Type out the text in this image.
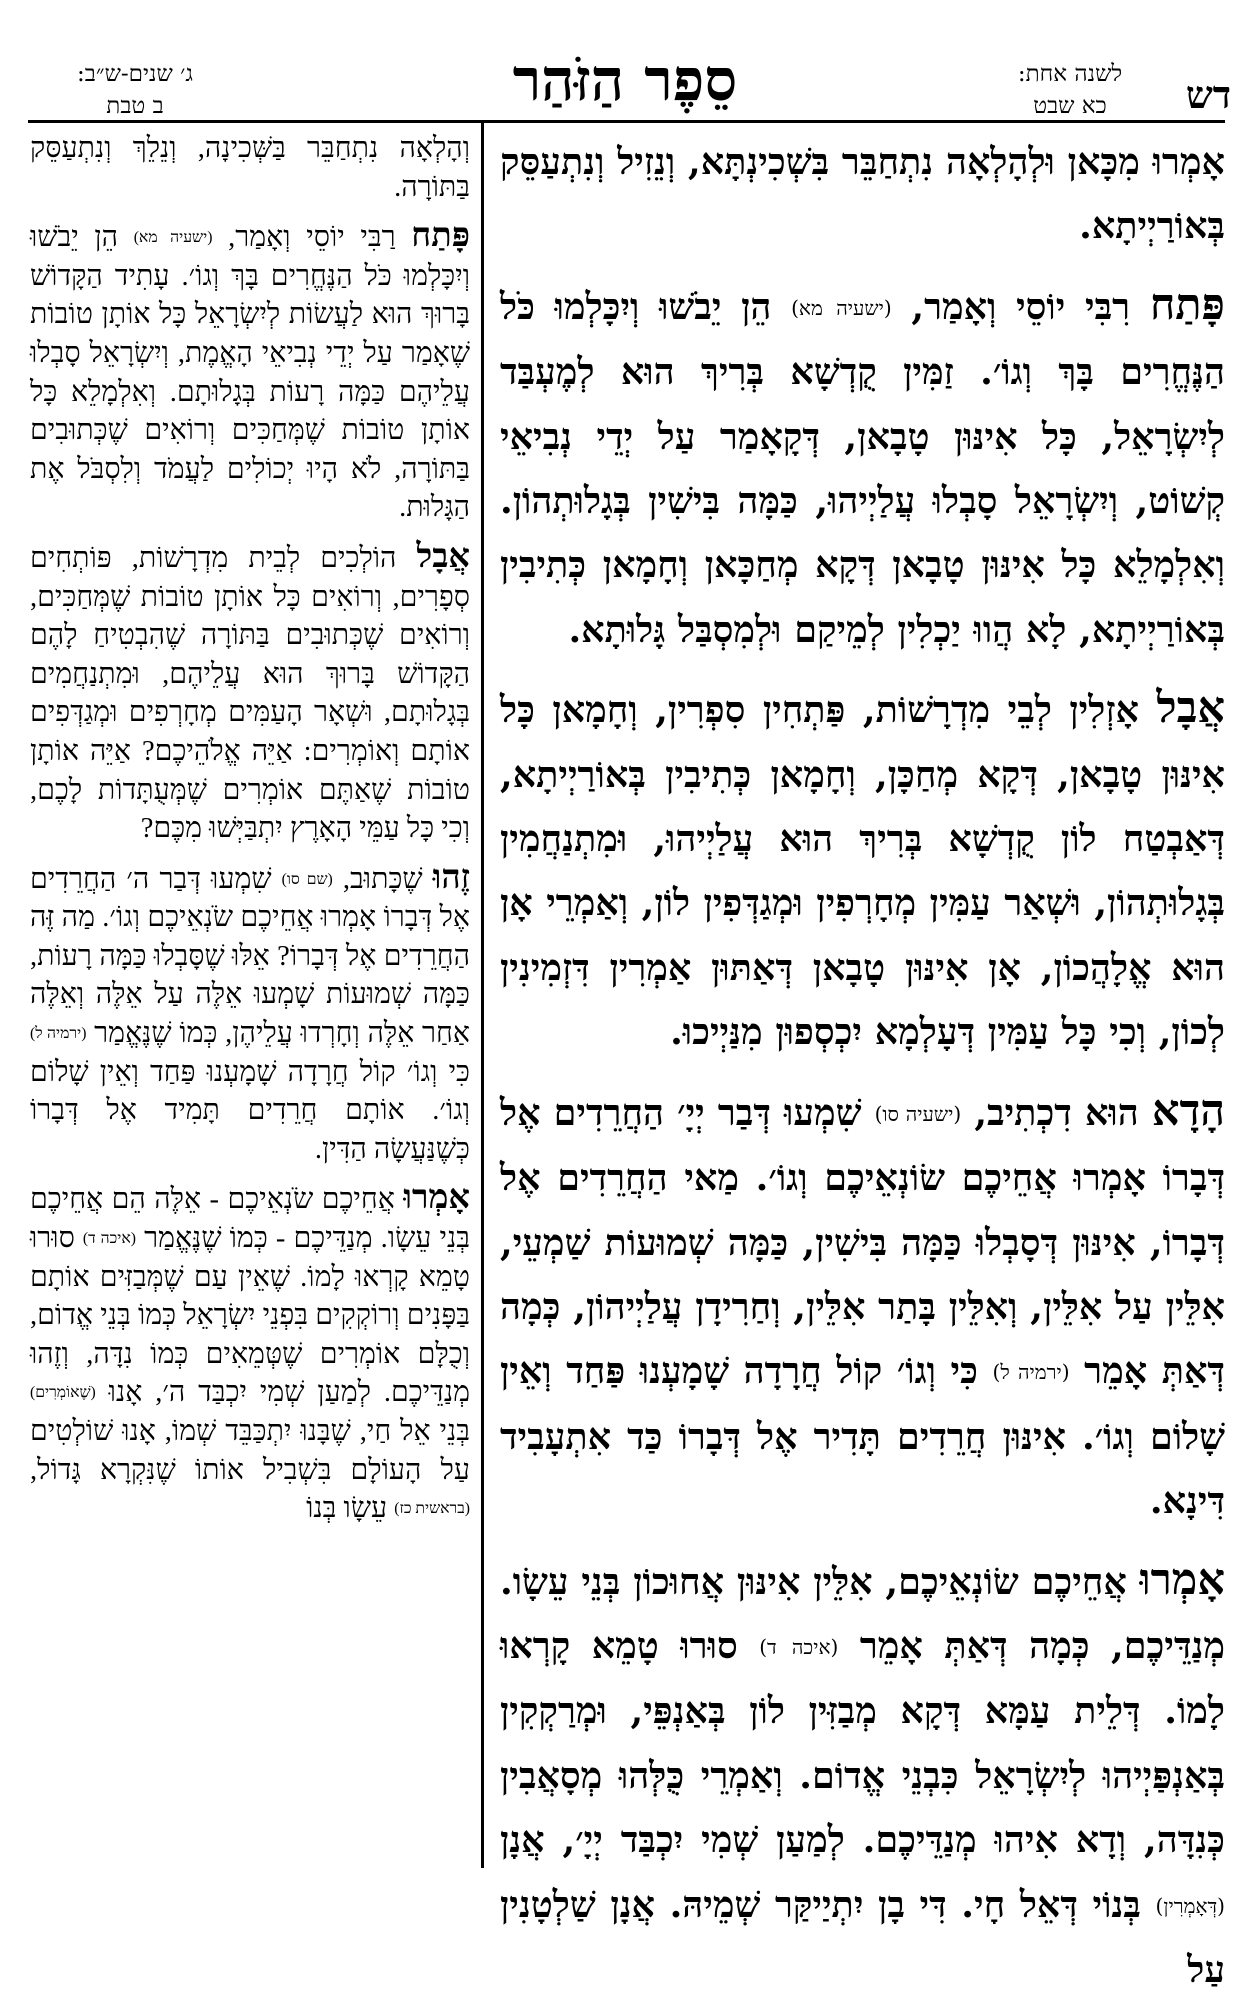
דש
לשנה אחת:
כא שבט
סֵפֶר הַזֹּהַר
ג׳ שנים-ש״ב:
ב טבת

אָמְרוּ מִכָּאן וּלְהָלְאָה נִתְחַבֵּר בִּשְׁכִינְתָּא, וְנֵזִיל וְנִתְעַסֵּק בְּאוֹרַיְיתָא.

פָּתַח רִבִּי יוֹסֵי וְאָמַר, (ישעיה מא) הֵן יֵבֹשׁוּ וְיִכָּלְמוּ כֹּל הַנֶּחֱרִים בָּךְ וְגוֹ׳. זַמִּין קֻדְשָׁא בְּרִיךְ הוּא לְמֶעְבַּד לְיִשְׂרָאֵל, כָּל אִינּוּן טָבָאן, דְּקָאָמַר עַל יְדֵי נְבִיאֵי קְשׁוֹט, וְיִשְׂרָאֵל סָבְלוּ עֲלַיְיהוּ, כַּמָּה בִּישִׁין בְּגָלוּתְהוֹן. וְאִלְמָלֵא כָּל אִינּוּן טָבָאן דְּקָא מְחַכָּאן וְחָמָאן כְּתִיבִין בְּאוֹרַיְיתָא, לָא הֲווּ יַכְלִין לְמֵיקַם וּלְמִסְבַּל גָּלוּתָא.

אֲבָל אָזְלִין לְבֵי מִדְרָשׁוֹת, פַּתְחִין סִפְרִין, וְחָמָאן כָּל אִינּוּן טָבָאן, דְּקָא מְחַכָּן, וְחָמָאן כְּתִיבִין בְּאוֹרַיְיתָא, דְּאַבְטַח לוֹן קֻדְשָׁא בְּרִיךְ הוּא עֲלַיְיהוּ, וּמִתְנַחֲמִין בְּגָלוּתְהוֹן, וּשְׁאַר עַמִּין מְחָרְפִין וּמְגַדְּפִין לוֹן, וְאַמְרֵי אָן הוּא אֱלָהֲכוֹן, אָן אִינּוּן טָבָאן דְּאַתּוּן אַמְרִין דִּזְמִינִין לְכוֹן, וְכִי כָּל עַמִּין דְּעָלְמָא יִכְסְפוּן מִנַּיְיכוּ.

הָדָא הוּא דִכְתִיב, (ישעיה סו) שִׁמְעוּ דְּבַר יְיָ׳ הַחֲרֵדִים אֶל דְּבָרוֹ אָמְרוּ אֲחֵיכֶם שׂוֹנְאֵיכֶם וְגוֹ׳. מַאי הַחֲרֵדִים אֶל דְּבָרוֹ, אִינּוּן דְּסָבְלוּ כַּמָּה בִּישִׁין, כַּמָּה שְׁמוּעוֹת שַׁמְעֵי, אִלֵּין עַל אִלֵּין, וְאִלֵּין בָּתַר אִלֵּין, וְחַרִידָן עֲלַיְיהוֹן, כְּמָה דְּאַתְּ אָמֵר (ירמיה ל) כִּי וְגוֹ׳ קוֹל חֲרָדָה שָׁמָעְנוּ פַּחַד וְאֵין שָׁלוֹם וְגוֹ׳. אִינּוּן חֲרֵדִים תָּדִיר אֶל דְּבָרוֹ כַּד אִתְעָבִיד דִּינָא.

אָמְרוּ אֲחֵיכֶם שׂוֹנְאֵיכֶם, אִלֵּין אִינּוּן אֲחוּכוֹן בְּנֵי עֵשָׂו. מְנַדֵּיכֶם, כְּמָה דְּאַתְּ אָמֵר (איכה ד) סוּרוּ טָמֵא קָרְאוּ לָמוֹ. דְּלֵית עַמָּא דְּקָא מְבַזִּין לוֹן בְּאַנְפֵּי, וּמְרַקְקִין בְּאַנְפַּיְיהוּ לְיִשְׂרָאֵל כִּבְנֵי אֱדוֹם. וְאַמְרֵי כֻּלְּהוּ מְסָאֲבִין כְּנִדָּה, וְדָא אִיהוּ מְנַדֵּיכֶם. לְמַעַן שְׁמִי יִכְבַּד יְיָ׳, אֲנָן (דְּאָמְרִין) בְּנוֹי דְּאֵל חָי. דִּי בָן יִתְיַיקַּר שְׁמֵיהּ. אֲנָן שַׁלְטָנִין עַל

וְהָלְאָה נִתְחַבֵּר בַּשְּׁכִינָה, וְנֵלֵךְ וְנִתְעַסֵּק בַּתּוֹרָה.

פָּתַח רַבִּי יוֹסֵי וְאָמַר, (ישעיה מא) הֵן יֵבֹשׁוּ וְיִכָּלְמוּ כֹּל הַנֶּחֱרִים בָּךְ וְגוֹ׳. עָתִיד הַקָּדוֹשׁ בָּרוּךְ הוּא לַעֲשׂוֹת לְיִשְׂרָאֵל כָּל אוֹתָן טוֹבוֹת שֶׁאָמַר עַל יְדֵי נְבִיאֵי הָאֱמֶת, וְיִשְׂרָאֵל סָבְלוּ עֲלֵיהֶם כַּמָּה רָעוֹת בְּגָלוּתָם. וְאִלְמָלֵא כָּל אוֹתָן טוֹבוֹת שֶׁמְּחַכִּים וְרוֹאִים שֶׁכְּתוּבִים בַּתּוֹרָה, לֹא הָיוּ יְכוֹלִים לַעֲמֹד וְלִסְבֹּל אֶת הַגָּלוּת.

אֲבָל הוֹלְכִים לְבֵית מִדְרָשׁוֹת, פּוֹתְחִים סְפָרִים, וְרוֹאִים כָּל אוֹתָן טוֹבוֹת שֶׁמְּחַכִּים, וְרוֹאִים שֶׁכְּתוּבִים בַּתּוֹרָה שֶׁהִבְטִיחַ לָהֶם הַקָּדוֹשׁ בָּרוּךְ הוּא עֲלֵיהֶם, וּמִתְנַחֲמִים בְּגָלוּתָם, וּשְׁאָר הָעַמִּים מְחָרְפִים וּמְגַדְּפִים אוֹתָם וְאוֹמְרִים: אַיֵּה אֱלֹהֵיכֶם? אַיֵּה אוֹתָן טוֹבוֹת שֶׁאַתֶּם אוֹמְרִים שֶׁמְּעֻתָּדוֹת לָכֶם, וְכִי כָּל עַמֵּי הָאָרֶץ יִתְבַּיְּשׁוּ מִכֶּם?

זֶהוּ שֶׁכָּתוּב, (שם סו) שִׁמְעוּ דְּבַר ה׳ הַחֲרֵדִים אֶל דְּבָרוֹ אָמְרוּ אֲחֵיכֶם שֹׂנְאֵיכֶם וְגוֹ׳. מַה זֶּה הַחֲרֵדִים אֶל דְּבָרוֹ? אֵלּוּ שֶׁסָּבְלוּ כַּמָּה רָעוֹת, כַּמָּה שְׁמוּעוֹת שָׁמְעוּ אֵלֶּה עַל אֵלֶּה וְאֵלֶּה אַחַר אֵלֶּה וְחָרְדוּ עֲלֵיהֶן, כְּמוֹ שֶׁנֶּאֱמַר (ירמיה ל) כִּי וְגוֹ׳ קוֹל חֲרָדָה שָׁמָעְנוּ פַּחַד וְאֵין שָׁלוֹם וְגוֹ׳. אוֹתָם חֲרֵדִים תָּמִיד אֶל דְּבָרוֹ כְּשֶׁנַּעֲשָׂה הַדִּין.

אָמְרוּ אֲחֵיכֶם שֹׂנְאֵיכֶם - אֵלֶּה הֵם אֲחֵיכֶם בְּנֵי עֵשָׂו. מְנַדֵּיכֶם - כְּמוֹ שֶׁנֶּאֱמַר (איכה ד) סוּרוּ טָמֵא קָרְאוּ לָמוֹ. שֶׁאֵין עַם שֶׁמְּבַזִּים אוֹתָם בַּפָּנִים וְרוֹקְקִים בִּפְנֵי יִשְׂרָאֵל כְּמוֹ בְּנֵי אֱדוֹם, וְכֻלָּם אוֹמְרִים שֶׁטְּמֵאִים כְּמוֹ נִדָּה, וְזֶהוּ מְנַדֵּיכֶם. לְמַעַן שְׁמִי יִכְבַּד ה׳, אָנוּ (שֶׁאוֹמְרִים) בְּנֵי אֵל חַי, שֶׁבָּנוּ יִתְכַּבֵּד שְׁמוֹ, אָנוּ שׁוֹלְטִים עַל הָעוֹלָם בִּשְׁבִיל אוֹתוֹ שֶׁנִּקְרָא גָּדוֹל, (בראשית כז) עֵשָׂו בְּנוֹ
